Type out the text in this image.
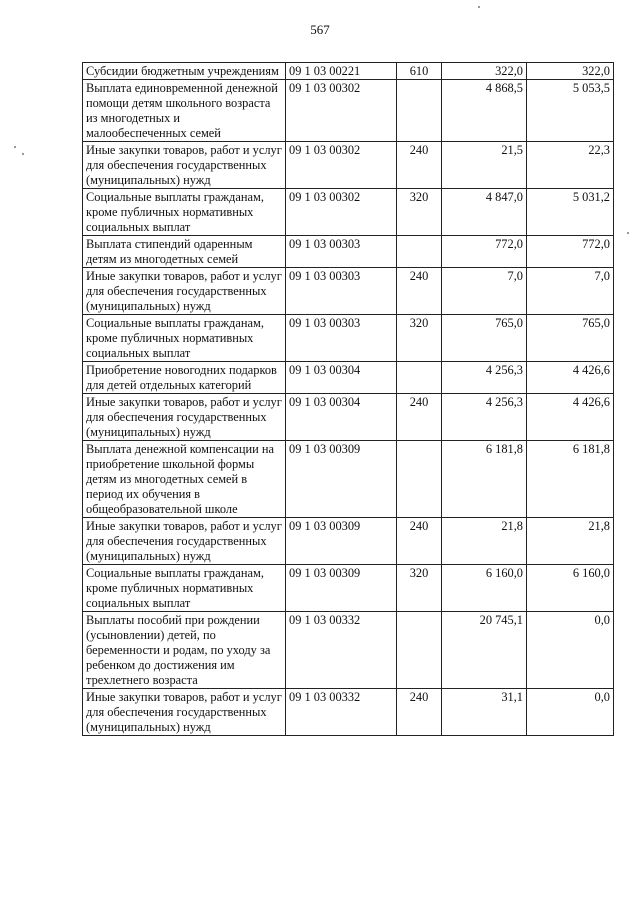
567
Субсидии бюджетным учреждениям	09 1 03 00221	610	322,0	322,0
Выплата единовременной денежной помощи детям школьного возраста из многодетных и малообеспеченных семей	09 1 03 00302		4 868,5	5 053,5
Иные закупки товаров, работ и услуг для обеспечения государственных (муниципальных) нужд	09 1 03 00302	240	21,5	22,3
Социальные выплаты гражданам, кроме публичных нормативных социальных выплат	09 1 03 00302	320	4 847,0	5 031,2
Выплата стипендий одаренным детям из многодетных семей	09 1 03 00303		772,0	772,0
Иные закупки товаров, работ и услуг для обеспечения государственных (муниципальных) нужд	09 1 03 00303	240	7,0	7,0
Социальные выплаты гражданам, кроме публичных нормативных социальных выплат	09 1 03 00303	320	765,0	765,0
Приобретение новогодних подарков для детей отдельных категорий	09 1 03 00304		4 256,3	4 426,6
Иные закупки товаров, работ и услуг для обеспечения государственных (муниципальных) нужд	09 1 03 00304	240	4 256,3	4 426,6
Выплата денежной компенсации на приобретение школьной формы детям из многодетных семей в период их обучения в общеобразовательной школе	09 1 03 00309		6 181,8	6 181,8
Иные закупки товаров, работ и услуг для обеспечения государственных (муниципальных) нужд	09 1 03 00309	240	21,8	21,8
Социальные выплаты гражданам, кроме публичных нормативных социальных выплат	09 1 03 00309	320	6 160,0	6 160,0
Выплаты пособий при рождении (усыновлении) детей, по беременности и родам, по уходу за ребенком до достижения им трехлетнего возраста	09 1 03 00332		20 745,1	0,0
Иные закупки товаров, работ и услуг для обеспечения государственных (муниципальных) нужд	09 1 03 00332	240	31,1	0,0
